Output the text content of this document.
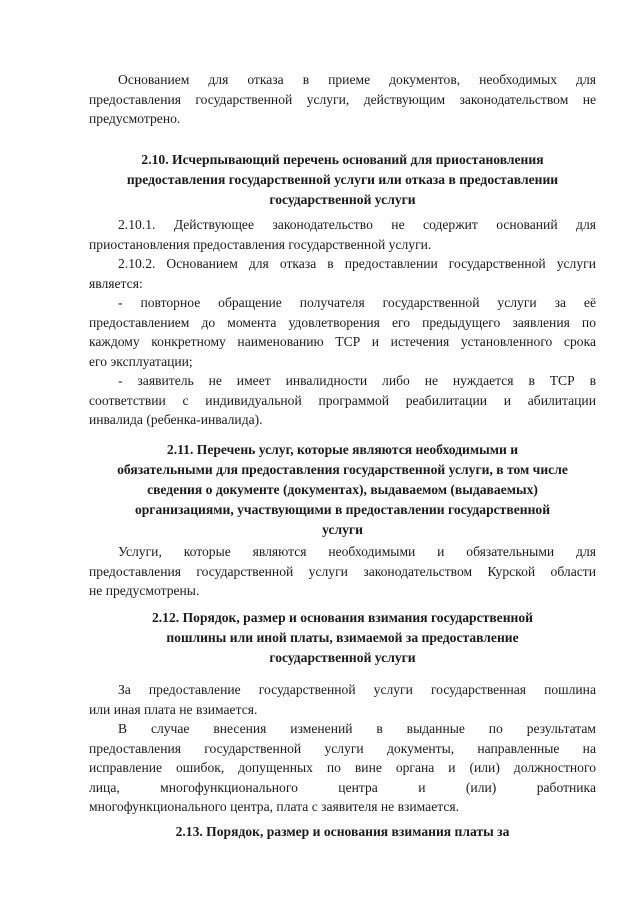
Основанием для отказа в приеме документов, необходимых для

предоставления государственной услуги, действующим законодательством не

предусмотрено.

2.10. Исчерпывающий перечень оснований для приостановления

предоставления государственной услуги или отказа в предоставлении

государственной услуги

2.10.1. Действующее законодательство не содержит оснований для

приостановления предоставления государственной услуги.

2.10.2. Основанием для отказа в предоставлении государственной услуги

является:

- повторное обращение получателя государственной услуги за её

предоставлением до момента удовлетворения его предыдущего заявления по

каждому конкретному наименованию ТСР и истечения установленного срока

его эксплуатации;

- заявитель не имеет инвалидности либо не нуждается в ТСР в

соответствии с индивидуальной программой реабилитации и абилитации

инвалида (ребенка-инвалида).

2.11. Перечень услуг, которые являются необходимыми и

обязательными для предоставления государственной услуги, в том числе

сведения о документе (документах), выдаваемом (выдаваемых)

организациями, участвующими в предоставлении государственной

услуги

Услуги, которые являются необходимыми и обязательными для

предоставления государственной услуги законодательством Курской области

не предусмотрены.

2.12. Порядок, размер и основания взимания государственной

пошлины или иной платы, взимаемой за предоставление

государственной услуги

За предоставление государственной услуги государственная пошлина

или иная плата не взимается.

В случае внесения изменений в выданные по результатам

предоставления государственной услуги документы, направленные на

исправление ошибок, допущенных по вине органа и (или) должностного

лица, многофункционального центра и (или) работника

многофункционального центра, плата с заявителя не взимается.

2.13. Порядок, размер и основания взимания платы за
